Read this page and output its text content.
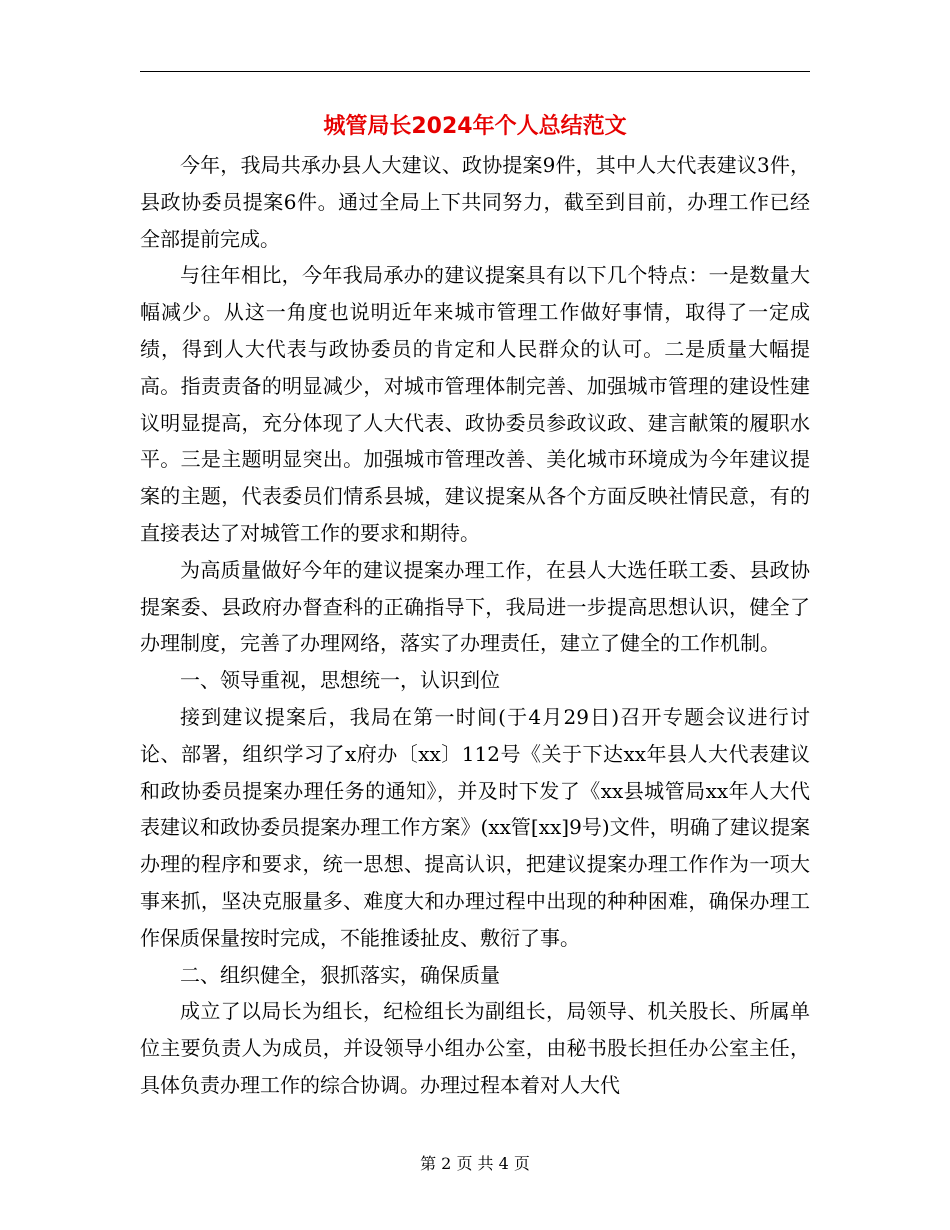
城管局长2024年个人总结范文

今年，我局共承办县人大建议、政协提案9件，其中人大代表建议3件，县政协委员提案6件。通过全局上下共同努力，截至到目前，办理工作已经全部提前完成。

与往年相比，今年我局承办的建议提案具有以下几个特点：一是数量大幅减少。从这一角度也说明近年来城市管理工作做好事情，取得了一定成绩，得到人大代表与政协委员的肯定和人民群众的认可。二是质量大幅提高。指责责备的明显减少，对城市管理体制完善、加强城市管理的建设性建议明显提高，充分体现了人大代表、政协委员参政议政、建言献策的履职水平。三是主题明显突出。加强城市管理改善、美化城市环境成为今年建议提案的主题，代表委员们情系县城，建议提案从各个方面反映社情民意，有的直接表达了对城管工作的要求和期待。

为高质量做好今年的建议提案办理工作，在县人大选任联工委、县政协提案委、县政府办督查科的正确指导下，我局进一步提高思想认识，健全了办理制度，完善了办理网络，落实了办理责任，建立了健全的工作机制。

一、领导重视，思想统一，认识到位

接到建议提案后，我局在第一时间(于4月29日)召开专题会议进行讨论、部署，组织学习了x府办〔xx〕112号《关于下达xx年县人大代表建议和政协委员提案办理任务的通知》，并及时下发了《xx县城管局xx年人大代表建议和政协委员提案办理工作方案》(xx管[xx]9号)文件，明确了建议提案办理的程序和要求，统一思想、提高认识，把建议提案办理工作作为一项大事来抓，坚决克服量多、难度大和办理过程中出现的种种困难，确保办理工作保质保量按时完成，不能推诿扯皮、敷衍了事。

二、组织健全，狠抓落实，确保质量

成立了以局长为组长，纪检组长为副组长，局领导、机关股长、所属单位主要负责人为成员，并设领导小组办公室，由秘书股长担任办公室主任，具体负责办理工作的综合协调。办理过程本着对人大代

第 2 页 共 4 页
